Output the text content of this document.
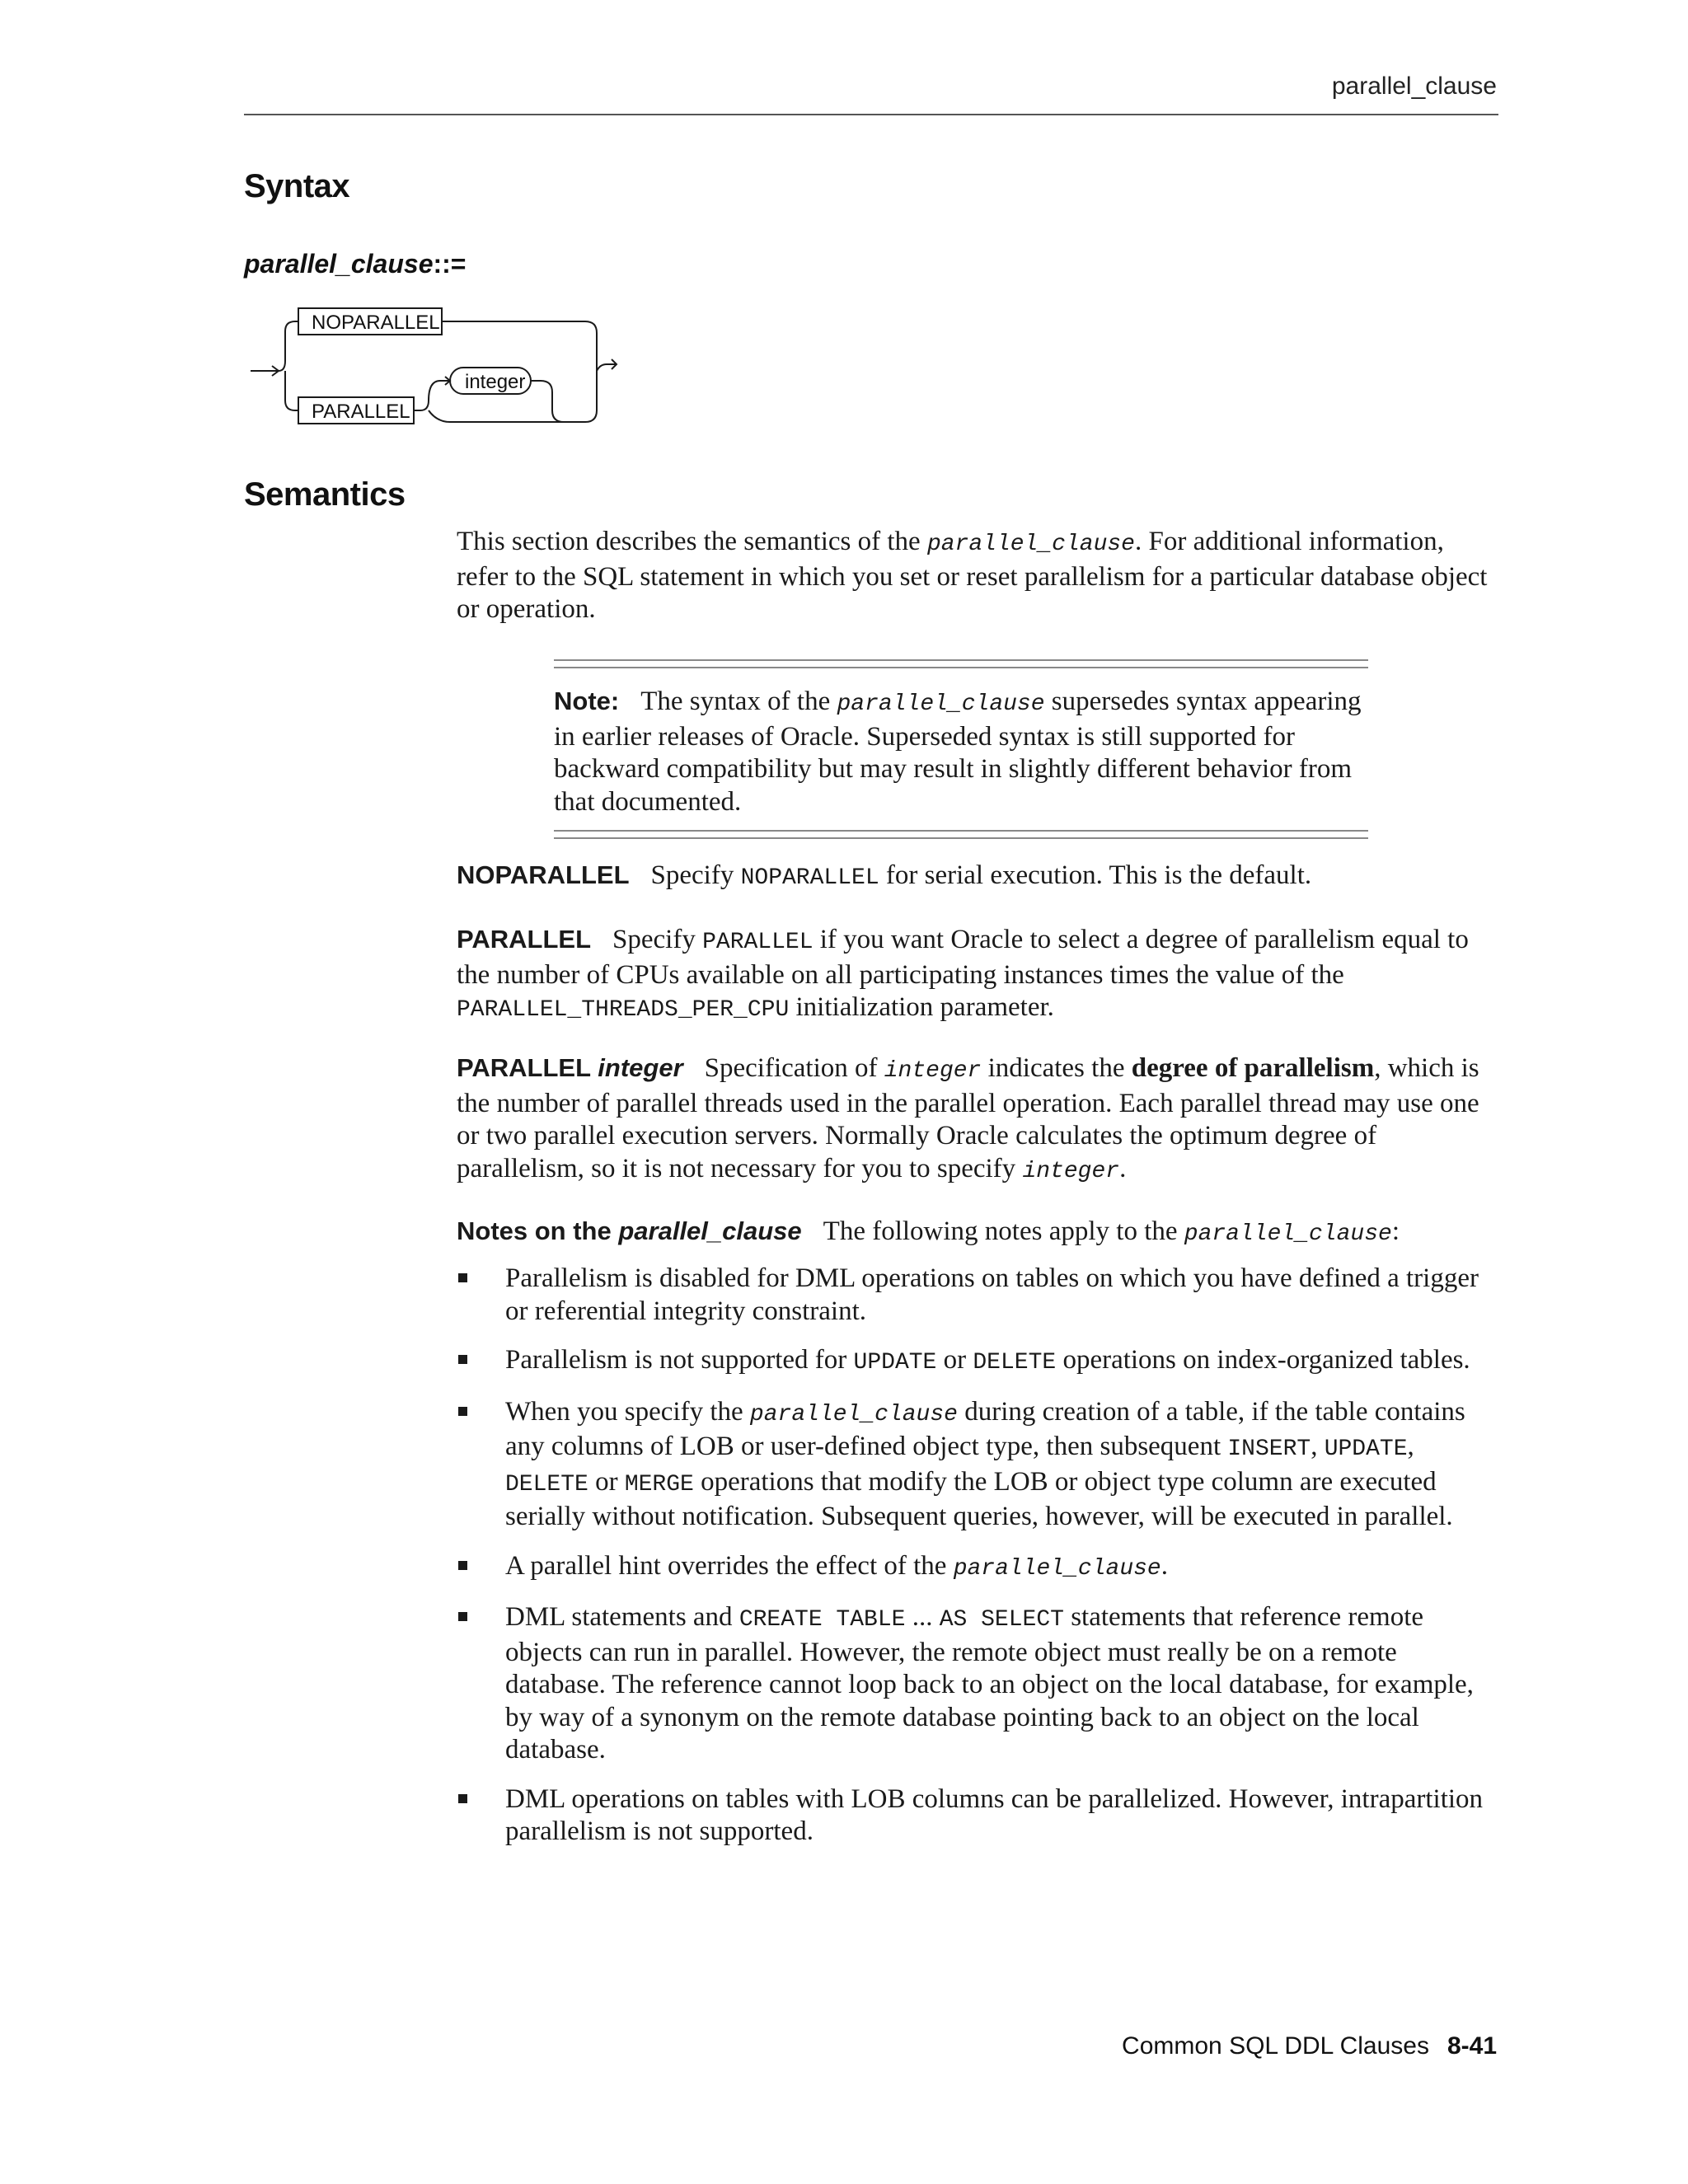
parallel_clause
Syntax
parallel_clause::=
NOPARALLEL
PARALLEL
integer
Semantics
This section describes the semantics of the parallel_clause. For additional information, refer to the SQL statement in which you set or reset parallelism for a particular database object or operation.
Note: The syntax of the parallel_clause supersedes syntax appearing in earlier releases of Oracle. Superseded syntax is still supported for backward compatibility but may result in slightly different behavior from that documented.
NOPARALLEL Specify NOPARALLEL for serial execution. This is the default.
PARALLEL Specify PARALLEL if you want Oracle to select a degree of parallelism equal to the number of CPUs available on all participating instances times the value of the PARALLEL_THREADS_PER_CPU initialization parameter.
PARALLEL integer Specification of integer indicates the degree of parallelism, which is the number of parallel threads used in the parallel operation. Each parallel thread may use one or two parallel execution servers. Normally Oracle calculates the optimum degree of parallelism, so it is not necessary for you to specify integer.
Notes on the parallel_clause The following notes apply to the parallel_clause:
Parallelism is disabled for DML operations on tables on which you have defined a trigger or referential integrity constraint.
Parallelism is not supported for UPDATE or DELETE operations on index-organized tables.
When you specify the parallel_clause during creation of a table, if the table contains any columns of LOB or user-defined object type, then subsequent INSERT, UPDATE, DELETE or MERGE operations that modify the LOB or object type column are executed serially without notification. Subsequent queries, however, will be executed in parallel.
A parallel hint overrides the effect of the parallel_clause.
DML statements and CREATE TABLE ... AS SELECT statements that reference remote objects can run in parallel. However, the remote object must really be on a remote database. The reference cannot loop back to an object on the local database, for example, by way of a synonym on the remote database pointing back to an object on the local database.
DML operations on tables with LOB columns can be parallelized. However, intrapartition parallelism is not supported.
Common SQL DDL Clauses 8-41
